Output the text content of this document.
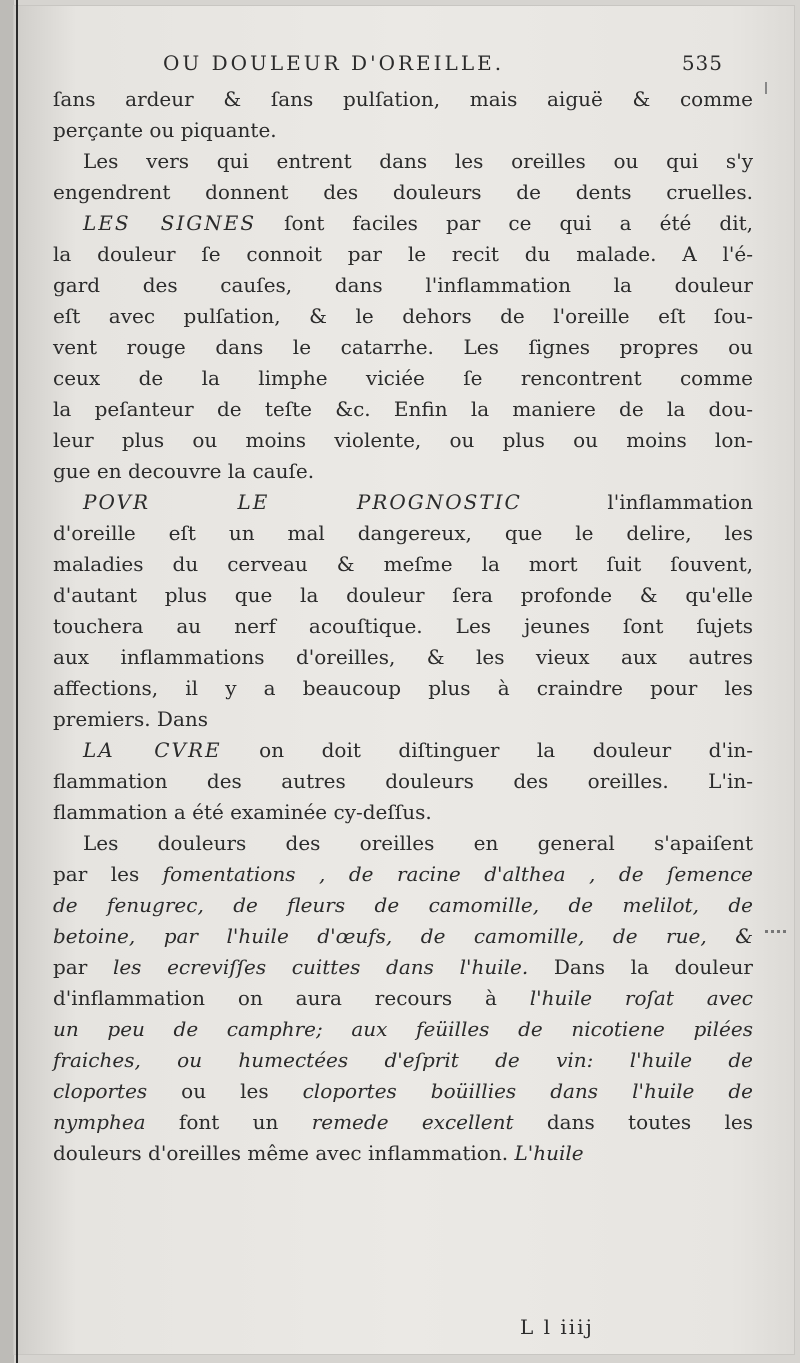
OU DOULEUR D'OREILLE.	535
ſans ardeur & ſans pulſation, mais aiguë & comme
perçante ou piquante.
Les vers qui entrent dans les oreilles ou qui s'y
engendrent donnent des douleurs de dents cruelles.
LES SIGNES ſont faciles par ce qui a été dit,
la douleur ſe connoit par le recit du malade. A l'é-
gard des cauſes, dans l'inflammation la douleur
eſt avec pulſation, & le dehors de l'oreille eſt ſou-
vent rouge dans le catarrhe. Les ſignes propres ou
ceux de la limphe viciée ſe rencontrent comme
la peſanteur de teſte &c. Enfin la maniere de la dou-
leur plus ou moins violente, ou plus ou moins lon-
gue en decouvre la cauſe.
POVR LE PROGNOSTIC l'inflammation
d'oreille eſt un mal dangereux, que le delire, les
maladies du cerveau & meſme la mort ſuit ſouvent,
d'autant plus que la douleur ſera profonde & qu'elle
touchera au nerf acouſtique. Les jeunes ſont ſujets
aux inflammations d'oreilles, & les vieux aux autres
affections, il y a beaucoup plus à craindre pour les
premiers. Dans
LA CVRE on doit diſtinguer la douleur d'in-
flammation des autres douleurs des oreilles. L'in-
flammation a été examinée cy-deſſus.
Les douleurs des oreilles en general s'apaiſent
par les fomentations , de racine d'althea , de ſemence
de fenugrec, de fleurs de camomille, de melilot, de
betoine, par l'huile d'œufs, de camomille, de rue, &
par les ecreviſſes cuittes dans l'huile. Dans la douleur
d'inflammation on aura recours à l'huile roſat avec
un peu de camphre; aux feüilles de nicotiene pilées
fraiches, ou humectées d'eſprit de vin: l'huile de
cloportes ou les cloportes boüillies dans l'huile de
nymphea font un remede excellent dans toutes les
douleurs d'oreilles même avec inflammation. L'huile
L l iiij
